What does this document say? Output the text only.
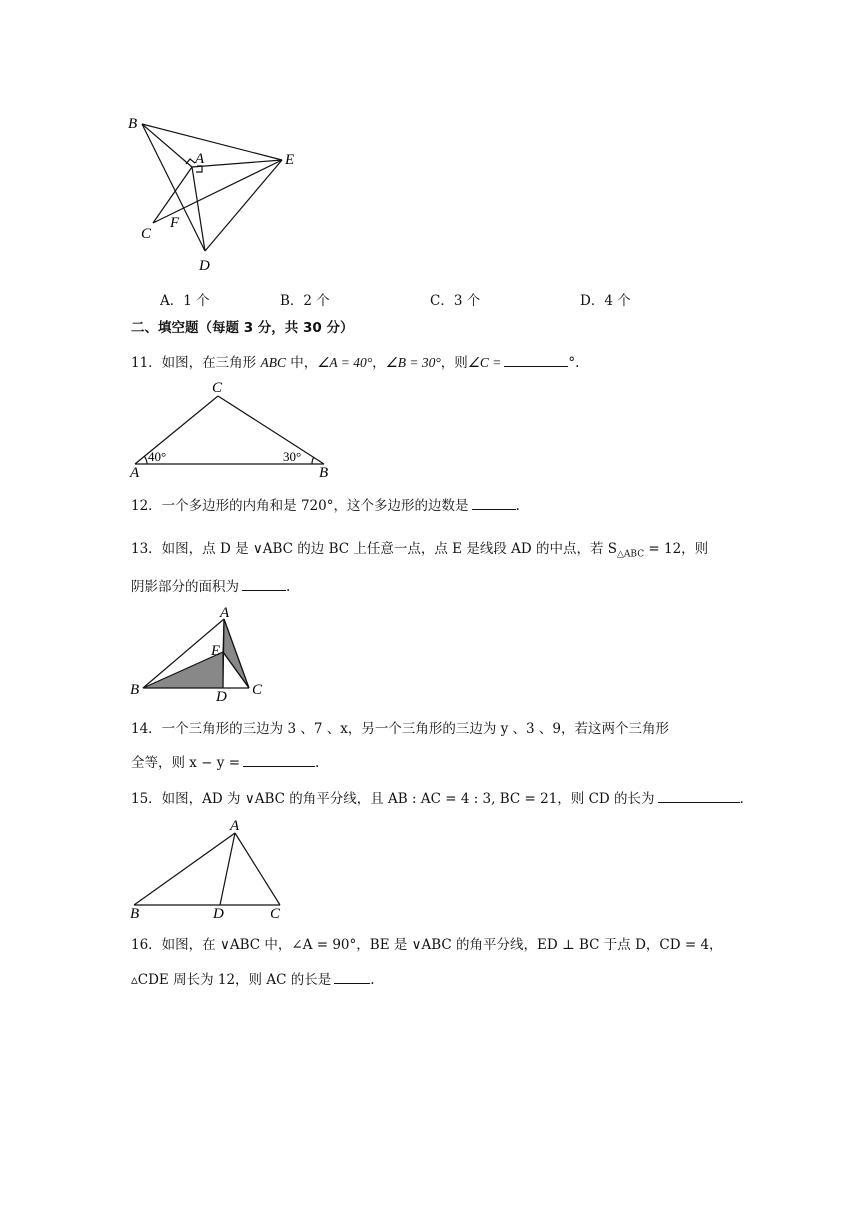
B
A	E
C
F
D
A．1 个	B．2 个	C．3 个	D．4 个
二、填空题（每题 3 分，共 30 分）
11．如图，在三角形 ABC 中，∠A = 40°，∠B = 30°，则∠C =	°.
C
A	B
40°	30°
12．一个多边形的内角和是 720°，这个多边形的边数是	.
13．如图，点 D 是 ∨ABC 的边 BC 上任意一点，点 E 是线段 AD 的中点，若 $S_{\triangle ABC} = 12$，则
阴影部分的面积为	.
A
E
B	D C
14．一个三角形的三边为 3 、7 、x，另一个三角形的三边为 y 、3 、9，若这两个三角形
全等，则 x − y =	.
15．如图，AD 为 ∨ABC 的角平分线，且 AB : AC = 4 : 3, BC = 21，则 CD 的长为	.
A
B	D	C
16．如图，在 ∨ABC 中，∠A = 90°，BE 是 ∨ABC 的角平分线，ED ⊥ BC 于点 D，CD = 4，
▵CDE 周长为 12，则 AC 的长是	.
